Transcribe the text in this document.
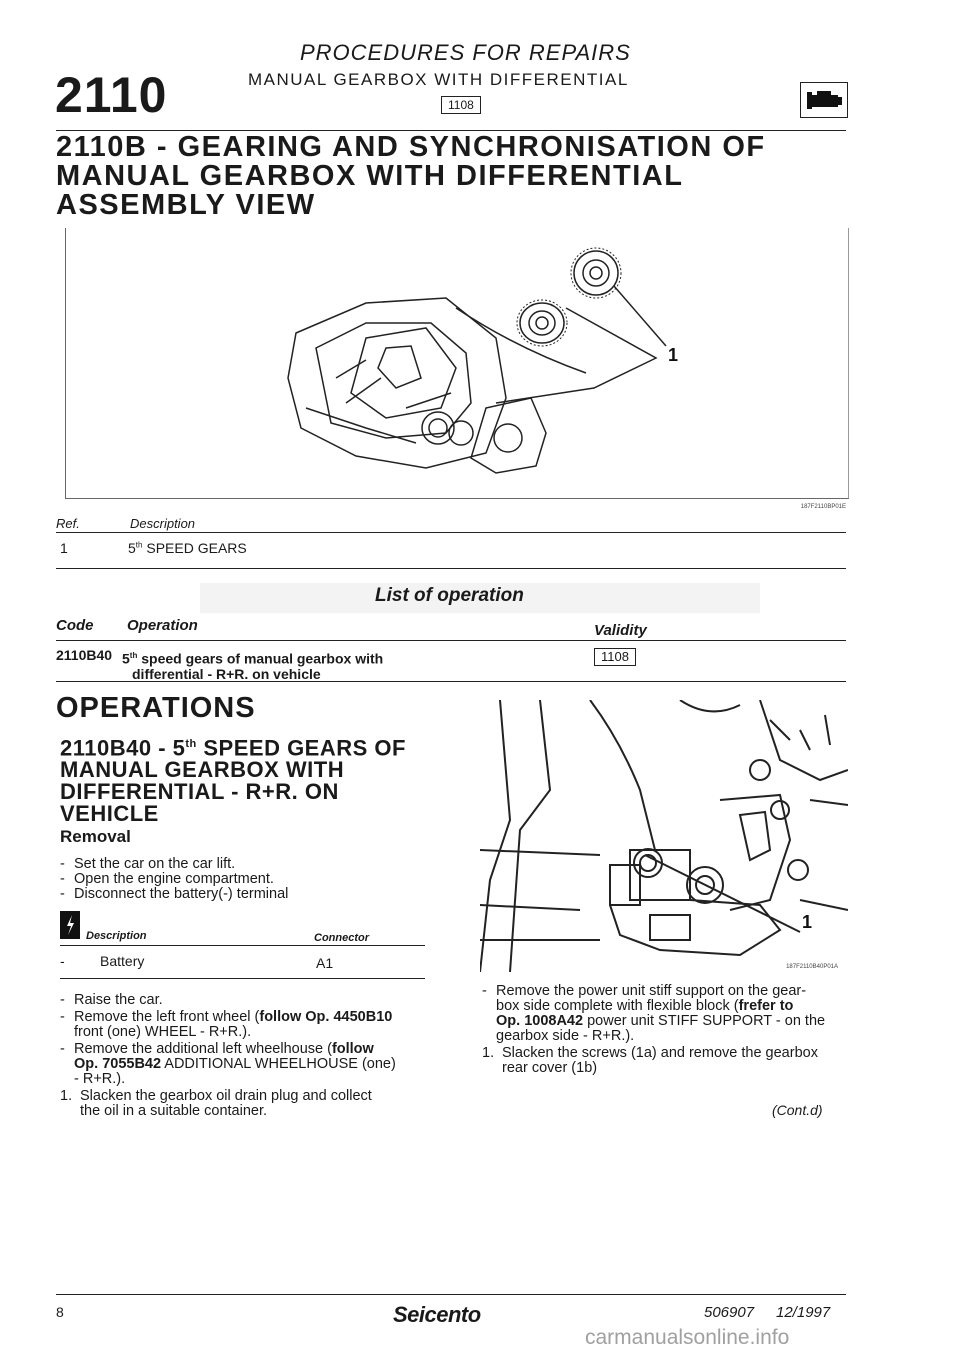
2110
PROCEDURES FOR REPAIRS
MANUAL GEARBOX WITH DIFFERENTIAL
1108
2110B - GEARING AND SYNCHRONISATION OF
MANUAL GEARBOX WITH DIFFERENTIAL
ASSEMBLY VIEW
1
187F2110BP01E
Ref.	Description
1	5th SPEED GEARS
List of operation
Code Operation	Validity
2110B40 5th speed gears of manual gearbox with
differential - R+R. on vehicle
1108
OPERATIONS
2110B40 - 5th SPEED GEARS OF
MANUAL GEARBOX WITH
DIFFERENTIAL - R+R. ON
VEHICLE
Removal
- Set the car on the car lift.
- Open the engine compartment.
- Disconnect the battery(-) terminal
Description	Connector
-	Battery	A1
- Raise the car.
- Remove the left front wheel (follow Op. 4450B10
front (one) WHEEL - R+R.).
- Remove the additional left wheelhouse (follow
Op. 7055B42 ADDITIONAL WHEELHOUSE (one)
- R+R.).
1. Slacken the gearbox oil drain plug and collect
the oil in a suitable container.
1
187F2110B40P01A
- Remove the power unit stiff support on the gear-
box side complete with flexible block (frefer to
Op. 1008A42 power unit STIFF SUPPORT - on the
gearbox side - R+R.).
1. Slacken the screws (1a) and remove the gearbox
rear cover (1b)
(Cont.d)
8	Seicento	506907 12/1997
carmanualsonline.info
